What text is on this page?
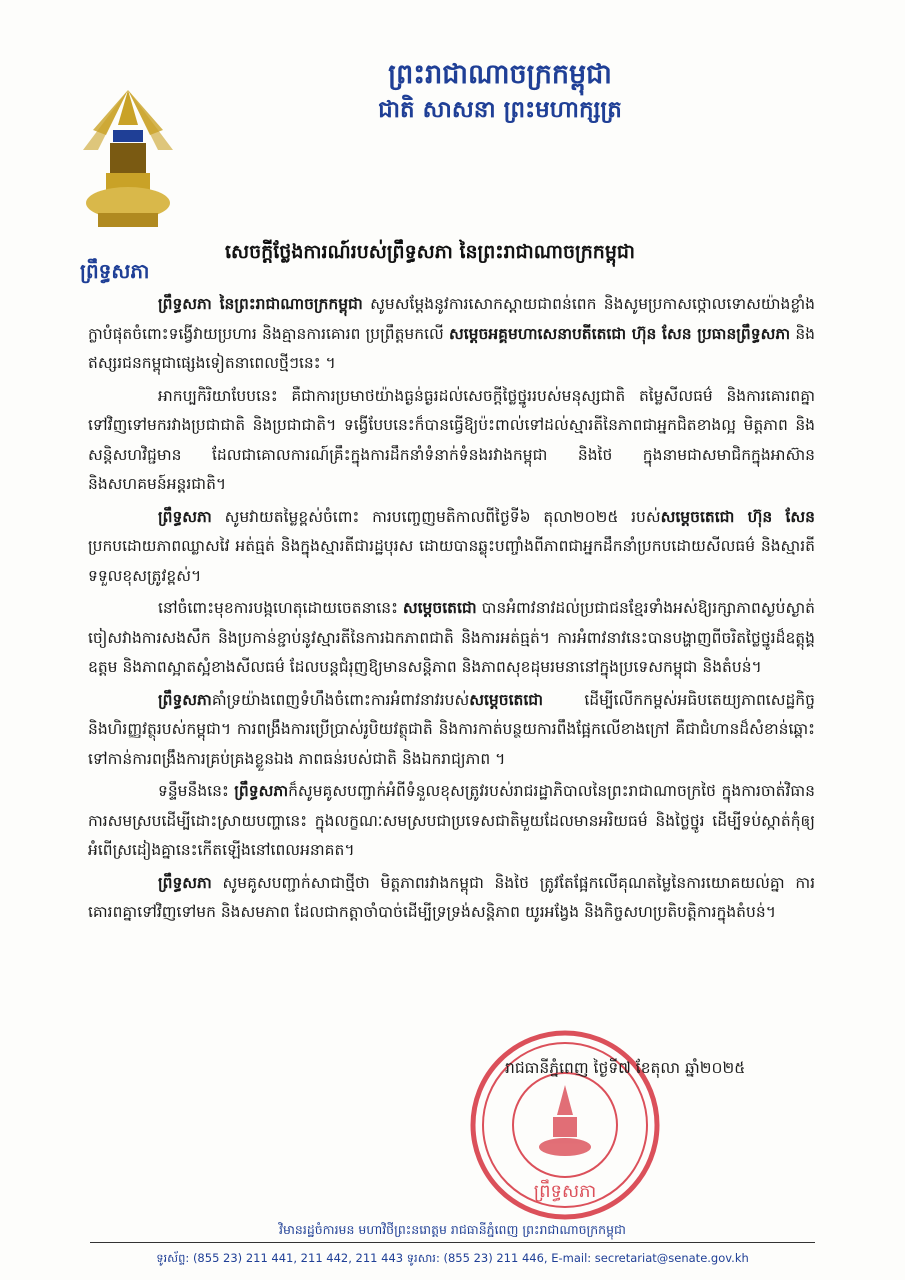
ព្រះរាជាណាចក្រកម្ពុជា
ជាតិ សាសនា ព្រះមហាក្សត្រ
ព្រឹទ្ធសភា
សេចក្តីថ្លែងការណ៍របស់ព្រឹទ្ធសភា នៃព្រះរាជាណាចក្រកម្ពុជា

ព្រឹទ្ធសភា នៃព្រះរាជាណាចក្រកម្ពុជា សូមសម្តែងនូវការសោកស្តាយជាពន់ពេក និងសូមប្រកាសថ្កោលទោសយ៉ាងខ្លាំងក្លាបំផុតចំពោះទង្វើវាយប្រហារ និងគ្មានការគោរព ប្រព្រឹត្តមកលើ សម្តេចអគ្គមហាសេនាបតីតេជោ ហ៊ុន សែន ប្រធានព្រឹទ្ធសភា និងឥស្សរជនកម្ពុជាផ្សេងទៀតនាពេលថ្មីៗនេះ ។

អាកប្បកិរិយាបែបនេះ គឺជាការប្រមាថយ៉ាងធ្ងន់ធ្ងរដល់សេចក្តីថ្លៃថ្នូររបស់មនុស្សជាតិ តម្លៃសីលធម៌ និងការគោរពគ្នាទៅវិញទៅមករវាងប្រជាជាតិ និងប្រជាជាតិ។ ទង្វើបែបនេះក៏បានធ្វើឱ្យប៉ះពាល់ទៅដល់ស្មារតីនៃភាពជាអ្នកជិតខាងល្អ មិត្តភាព និងសន្តិសហវិជ្ជមាន ដែលជាគោលការណ៍គ្រឹះក្នុងការដឹកនាំទំនាក់ទំនងរវាងកម្ពុជា និងថៃ ក្នុងនាមជាសមាជិកក្នុងអាស៊ាន និងសហគមន៍អន្តរជាតិ។

ព្រឹទ្ធសភា សូមវាយតម្លៃខ្ពស់ចំពោះ ការបញ្ចេញមតិកាលពីថ្ងៃទី៦ តុលា២០២៥ របស់សម្តេចតេជោ ហ៊ុន សែន ប្រកបដោយភាពឈ្លាសវៃ អត់ធ្មត់ និងក្នុងស្មារតីជារដ្ឋបុរស ដោយបានឆ្លុះបញ្ចាំងពីភាពជាអ្នកដឹកនាំប្រកបដោយសីលធម៌ និងស្មារតីទទួលខុសត្រូវខ្ពស់។

នៅចំពោះមុខការបង្កហេតុដោយចេតនានេះ សម្តេចតេជោ បានអំពាវនាវដល់ប្រជាជនខ្មែរទាំងអស់ឱ្យរក្សាភាពស្ងប់ស្ងាត់ ចៀសវាងការសងសឹក និងប្រកាន់ខ្ជាប់នូវស្មារតីនៃការឯកភាពជាតិ និងការអត់ធ្មត់។ ការអំពាវនាវនេះបានបង្ហាញពីចរិតថ្លៃថ្នូរដ៏ឧត្តុង្គឧត្តម និងភាពស្អាតស្អំខាងសីលធម៌ ដែលបន្តជំរុញឱ្យមានសន្តិភាព និងភាពសុខដុមរមនានៅក្នុងប្រទេសកម្ពុជា និងតំបន់។

ព្រឹទ្ធសភាគាំទ្រយ៉ាងពេញទំហឹងចំពោះការអំពាវនាវរបស់សម្តេចតេជោ ដើម្បីលើកកម្ពស់អធិបតេយ្យភាពសេដ្ឋកិច្ច និងហិរញ្ញវត្ថុរបស់កម្ពុជា។ ការពង្រឹងការប្រើប្រាស់រូបិយវត្ថុជាតិ និងការកាត់បន្ថយការពឹងផ្អែកលើខាងក្រៅ គឺជាជំហានដ៏សំខាន់ឆ្ពោះទៅកាន់ការពង្រឹងការគ្រប់គ្រងខ្លួនឯង ភាពធន់របស់ជាតិ និងឯករាជ្យភាព ។

ទន្ទឹមនឹងនេះ ព្រឹទ្ធសភាក៏សូមគូសបញ្ជាក់អំពីទំនួលខុសត្រូវរបស់រាជរដ្ឋាភិបាលនៃព្រះរាជាណាចក្រថៃ ក្នុងការចាត់វិធានការសមស្របដើម្បីដោះស្រាយបញ្ហានេះ ក្នុងលក្ខណៈសមស្របជាប្រទេសជាតិមួយដែលមានអរិយធម៌ និងថ្លៃថ្នូរ ដើម្បីទប់ស្កាត់កុំឲ្យអំពើស្រដៀងគ្នានេះកើតឡើងនៅពេលអនាគត។

ព្រឹទ្ធសភា សូមគូសបញ្ជាក់សាជាថ្មីថា មិត្តភាពរវាងកម្ពុជា និងថៃ ត្រូវតែផ្អែកលើគុណតម្លៃនៃការយោគយល់គ្នា ការគោរពគ្នាទៅវិញទៅមក និងសមភាព ដែលជាកត្តាចាំបាច់ដើម្បីទ្រទ្រង់សន្តិភាព យូរអង្វែង និងកិច្ចសហប្រតិបត្តិការក្នុងតំបន់។

ព្រឹទ្ធសភា
រាជធានីភ្នំពេញ ថ្ងៃទី៧ ខែតុលា ឆ្នាំ២០២៥
វិមានរដ្ឋចំការមន មហាវិថីព្រះនរោត្តម រាជធានីភ្នំពេញ ព្រះរាជាណាចក្រកម្ពុជា
ទូរស័ព្ទ: (855 23) 211 441, 211 442, 211 443 ទូរសារ: (855 23) 211 446, E-mail: secretariat@senate.gov.kh
